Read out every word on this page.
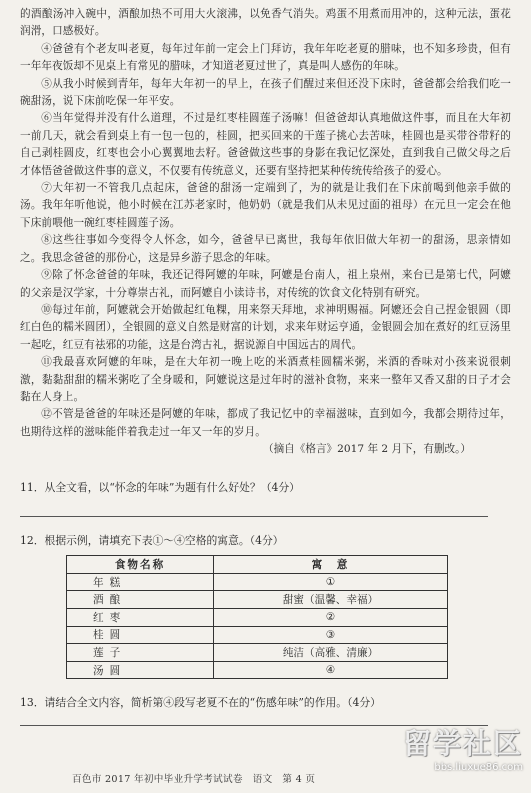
的酒酿汤冲入碗中，酒酿加热不可用大火滚沸，以免香气消失。鸡蛋不用煮而用冲的，这种元法，蛋花润滑，口感极好。

④爸爸有个老友叫老夏，每年过年前一定会上门拜访，我年年吃老夏的腊味，也不知多珍贵，但有一年年夜饭却不见桌上有常见的腊味，才知道老夏过世了，真是叫人感伤的年味。

⑤从我小时候到青年，每年大年初一的早上，在孩子们醒过来但还没下床时，爸爸都会给我们吃一碗甜汤，说下床前吃保一年平安。

⑥当年觉得并没有什么道理，不过是红枣桂圆莲子汤嘛！但爸爸却认真地做这件事，而且在大年初一前几天，就会看到桌上有一包一包的，桂圆，把买回来的干莲子挑心去苦味，桂圆也是买带谷带籽的自己剥桂圆皮，红枣也会小心翼翼地去籽。爸爸做这些事的身影在我记忆深处，直到我自己做父母之后才体悟爸爸做这件事的意义，不仅要有传统意义，还要有坚持把某种传统传给孩子的爱心。

⑦大年初一不管我几点起床，爸爸的甜汤一定端到了，为的就是让我们在下床前喝到他亲手做的汤。我年年听他说，他小时候在江苏老家时，他奶奶（就是我们从未见过面的祖母）在元旦一定会在他下床前喂他一碗红枣桂圆莲子汤。

⑧这些往事如今变得令人怀念，如今，爸爸早已离世，我每年依旧做大年初一的甜汤，思亲情如之。我思念爸爸的那份心，这是异乡游子思念的年味。

⑨除了怀念爸爸的年味，我还记得阿嬷的年味，阿嬷是台南人，祖上泉州，来台已是第七代，阿嬷的父亲是汉学家，十分尊崇古礼，而阿嬷自小读诗书，对传统的饮食文化特别有研究。

⑩每过年前，阿嬷就会开始做起红龟粿，用来祭天拜地，求神明赐福。阿嬷还会自己捏金银圆（即红白色的糯米圆团），全银圆的意义自然是财富的计划，求来年财运亨通，金银圆会加在煮好的红豆汤里一起吃，红豆有祛邪的功能，这是台湾古礼，据说源自中国远古的周代。

⑪我最喜欢阿嬷的年味，是在大年初一晚上吃的米酒煮桂圆糯米粥，米酒的香味对小孩来说很刺激，黏黏甜甜的糯米粥吃了全身暖和，阿嬷说这是过年时的滋补食物，来来一整年又香又甜的日子才会黏在人身上。

⑫不管是爸爸的年味还是阿嬷的年味，都成了我记忆中的幸福滋味，直到如今，我都会期待过年，也期待这样的滋味能伴着我走过一年又一年的岁月。

（摘自《格言》2017 年 2 月下，有删改。）

11．从全文看，以“怀念的年味”为题有什么好处？（4分）

12．根据示例，请填充下表①～④空格的寓意。（4分）

食物名称	寓　意
年糕	①
酒酿	甜蜜（温馨、幸福）
红枣	②
桂圆	③
莲子	纯洁（高雅、清廉）
汤圆	④

13．请结合全文内容，简析第④段写老夏不在的“伤感年味”的作用。（4分）

百色市 2017 年初中毕业升学考试试卷　语文　第 4 页
留学社区
bbs.liuxue86.com
